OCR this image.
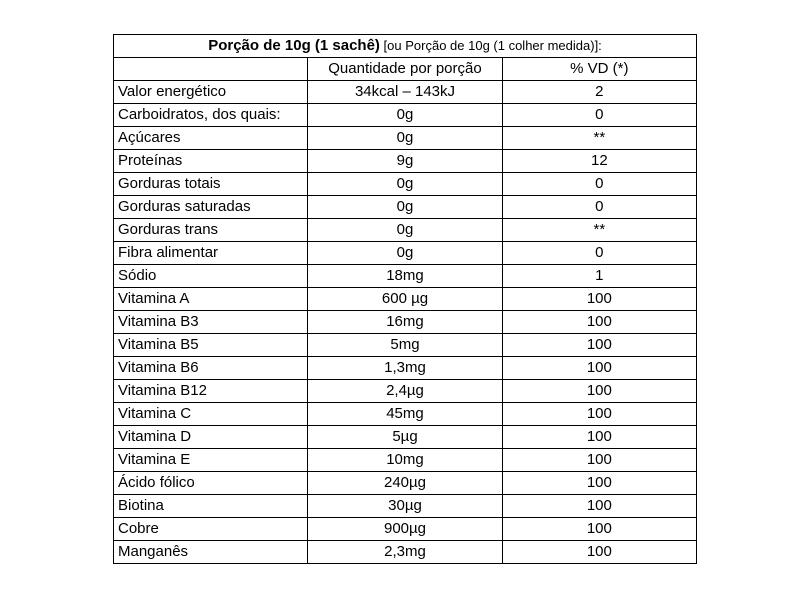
Porção de 10g (1 sachê) [ou Porção de 10g (1 colher medida)]:		
	Quantidade por porção	% VD (*)
Valor energético	34kcal – 143kJ	2
Carboidratos, dos quais:	0g	0
Açúcares	0g	**
Proteínas	9g	12
Gorduras totais	0g	0
Gorduras saturadas	0g	0
Gorduras trans	0g	**
Fibra alimentar	0g	0
Sódio	18mg	1
Vitamina A	600 µg	100
Vitamina B3	16mg	100
Vitamina B5	5mg	100
Vitamina B6	1,3mg	100
Vitamina B12	2,4µg	100
Vitamina C	45mg	100
Vitamina D	5µg	100
Vitamina E	10mg	100
Ácido fólico	240µg	100
Biotina	30µg	100
Cobre	900µg	100
Manganês	2,3mg	100
